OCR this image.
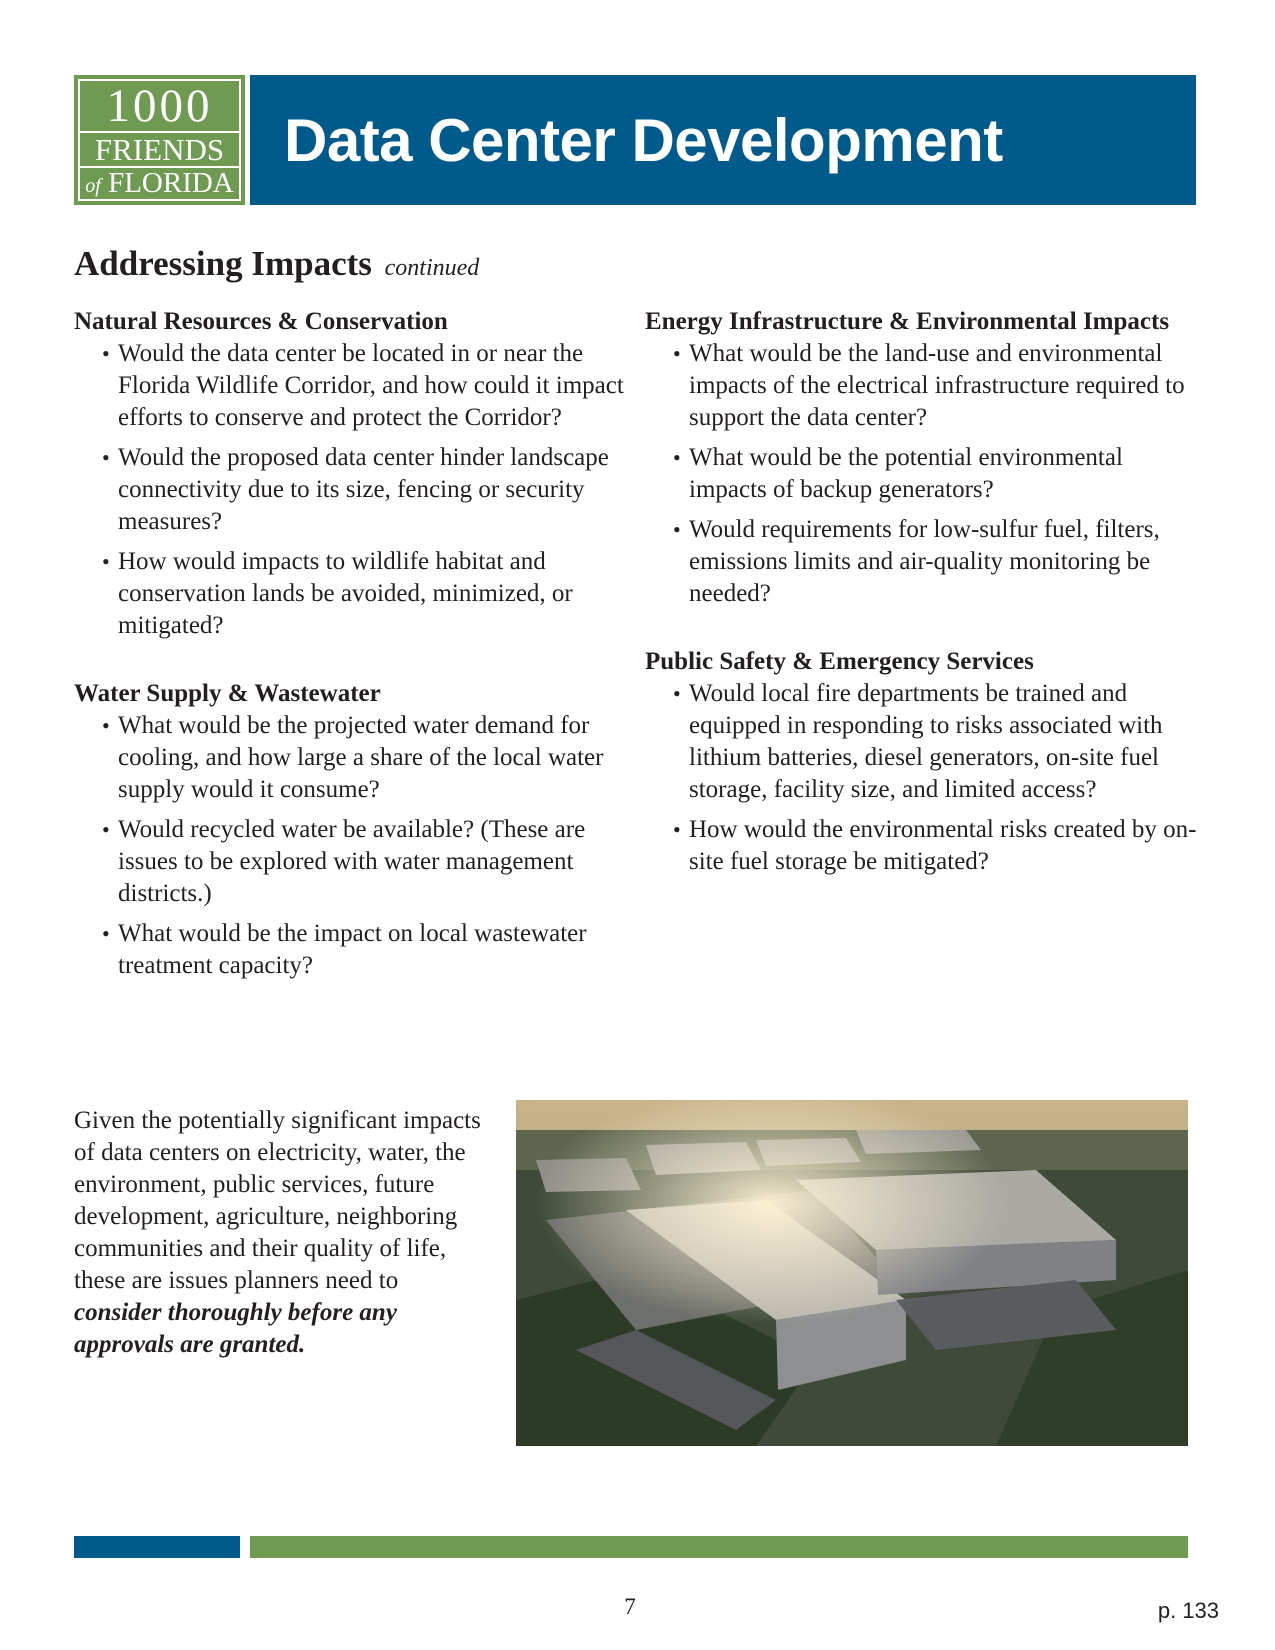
1000
FRIENDS
of FLORIDA
Data Center Development
Addressing Impacts continued
Natural Resources & Conservation
• Would the data center be located in or near the Florida Wildlife Corridor, and how could it impact efforts to conserve and protect the Corridor?
• Would the proposed data center hinder landscape connectivity due to its size, fencing or security measures?
• How would impacts to wildlife habitat and conservation lands be avoided, minimized, or mitigated?
Water Supply & Wastewater
• What would be the projected water demand for cooling, and how large a share of the local water supply would it consume?
• Would recycled water be available? (These are issues to be explored with water management districts.)
• What would be the impact on local wastewater treatment capacity?
Energy Infrastructure & Environmental Impacts
• What would be the land-use and environmental impacts of the electrical infrastructure required to support the data center?
• What would be the potential environmental impacts of backup generators?
• Would requirements for low-sulfur fuel, filters, emissions limits and air-quality monitoring be needed?
Public Safety & Emergency Services
• Would local fire departments be trained and equipped in responding to risks associated with lithium batteries, diesel generators, on-site fuel storage, facility size, and limited access?
• How would the environmental risks created by on-site fuel storage be mitigated?

Given the potentially significant impacts of data centers on electricity, water, the environment, public services, future development, agriculture, neighboring communities and their quality of life, these are issues planners need to consider thoroughly before any approvals are granted.

7	p. 133
